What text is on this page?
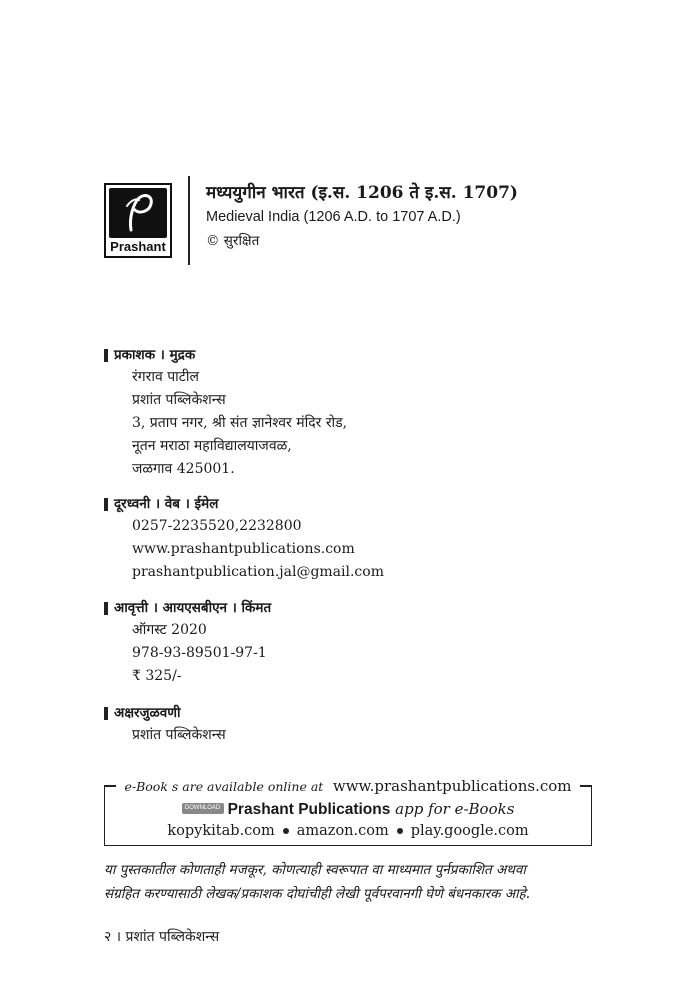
Prashant
मध्ययुगीन भारत (इ.स. 1206 ते इ.स. 1707)
Medieval India (1206 A.D. to 1707 A.D.)
© सुरक्षित
प्रकाशक । मुद्रक
रंगराव पाटील
प्रशांत पब्लिकेशन्स
3, प्रताप नगर, श्री संत ज्ञानेश्वर मंदिर रोड,
नूतन मराठा महाविद्यालयाजवळ,
जळगाव 425001.
दूरध्वनी । वेब । ईमेल
0257-2235520,2232800
www.prashantpublications.com
prashantpublication.jal@gmail.com
आवृत्ती । आयएसबीएन । किंमत
ऑगस्ट 2020
978-93-89501-97-1
₹ 325/-
अक्षरजुळवणी
प्रशांत पब्लिकेशन्स
e-Book s are available online at www.prashantpublications.com
DOWNLOAD Prashant Publications app for e-Books
kopykitab.com amazon.com play.google.com
या पुस्तकातील कोणताही मजकूर, कोणत्याही स्वरूपात वा माध्यमात पुर्नप्रकाशित अथवा
संग्रहित करण्यासाठी लेखक/प्रकाशक दोघांचीही लेखी पूर्वपरवानगी घेणे बंधनकारक आहे.
२ । प्रशांत पब्लिकेशन्स
